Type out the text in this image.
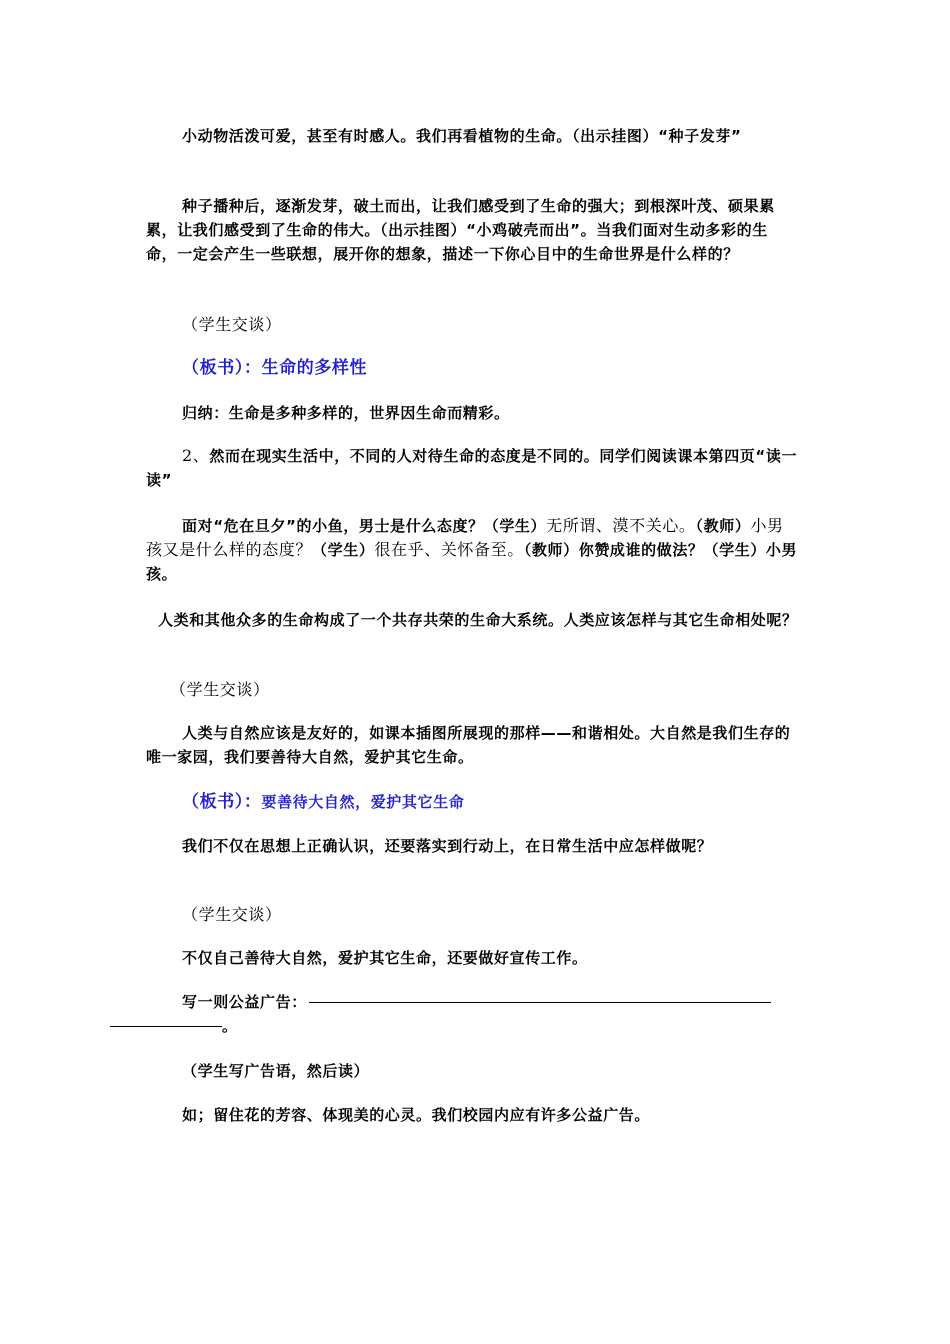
小动物活泼可爱，甚至有时感人。我们再看植物的生命。（出示挂图）“种子发芽”

种子播种后，逐渐发芽，破土而出，让我们感受到了生命的强大；到根深叶茂、硕果累累，让我们感受到了生命的伟大。（出示挂图）“小鸡破壳而出”。当我们面对生动多彩的生命，一定会产生一些联想，展开你的想象，描述一下你心目中的生命世界是什么样的？

（学生交谈）

（板书）：生命的多样性

归纳：生命是多种多样的，世界因生命而精彩。

2、然而在现实生活中，不同的人对待生命的态度是不同的。同学们阅读课本第四页“读一读”

面对“危在旦夕”的小鱼，男士是什么态度？（学生）无所谓、漠不关心。（教师）小男孩又是什么样的态度？（学生）很在乎、关怀备至。（教师）你赞成谁的做法？（学生）小男孩。

人类和其他众多的生命构成了一个共存共荣的生命大系统。人类应该怎样与其它生命相处呢？

（学生交谈）

人类与自然应该是友好的，如课本插图所展现的那样——和谐相处。大自然是我们生存的唯一家园，我们要善待大自然，爱护其它生命。

（板书）：要善待大自然，爱护其它生命

我们不仅在思想上正确认识，还要落实到行动上，在日常生活中应怎样做呢？

（学生交谈）

不仅自己善待大自然，爱护其它生命，还要做好宣传工作。

写一则公益广告：
。

（学生写广告语，然后读）

如；留住花的芳容、体现美的心灵。我们校园内应有许多公益广告。
